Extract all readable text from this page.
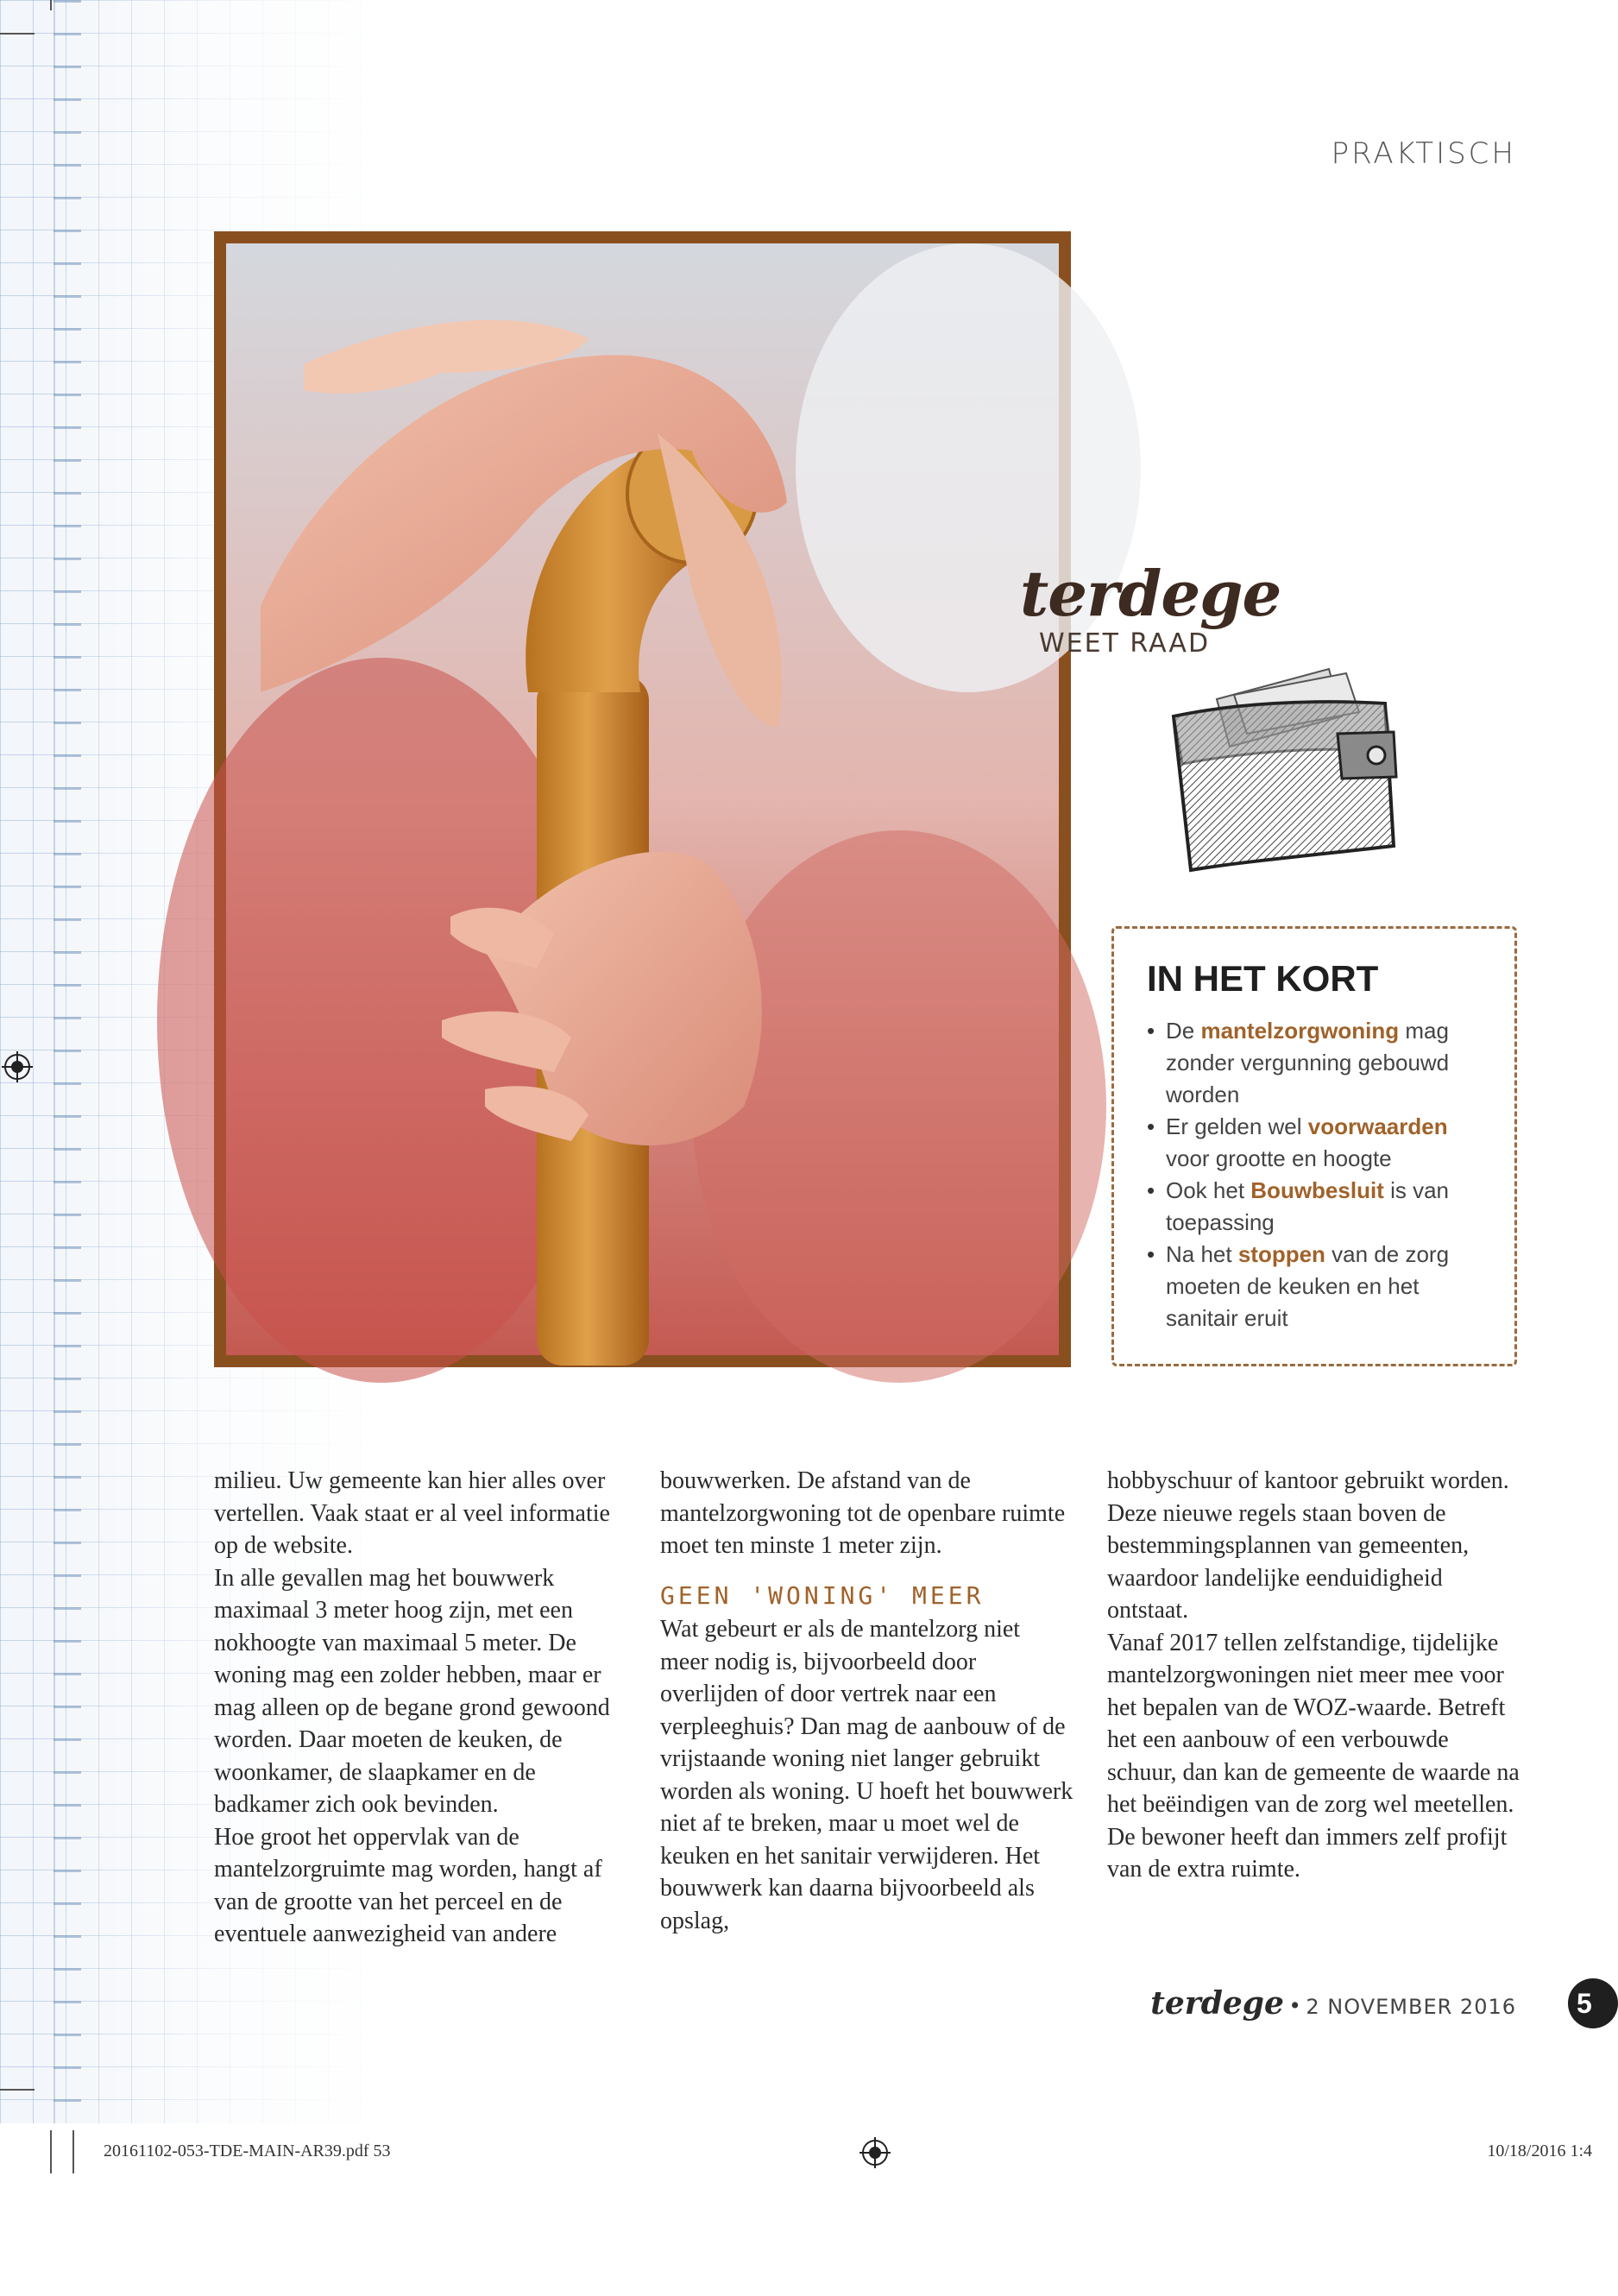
PRAKTISCH
terdege
WEET RAAD
IN HET KORT
• De mantelzorgwoning mag zonder vergunning gebouwd worden
• Er gelden wel voorwaarden voor grootte en hoogte
• Ook het Bouwbesluit is van toepassing
• Na het stoppen van de zorg moeten de keuken en het sanitair eruit

milieu. Uw gemeente kan hier alles over vertellen. Vaak staat er al veel informatie op de website.

In alle gevallen mag het bouwwerk maximaal 3 meter hoog zijn, met een nokhoogte van maximaal 5 meter. De woning mag een zolder hebben, maar er mag alleen op de begane grond gewoond worden. Daar moeten de keuken, de woonkamer, de slaapkamer en de badkamer zich ook bevinden.

Hoe groot het oppervlak van de mantelzorgruimte mag worden, hangt af van de grootte van het perceel en de eventuele aanwezigheid van andere

bouwwerken. De afstand van de mantelzorgwoning tot de openbare ruimte moet ten minste 1 meter zijn.

GEEN 'WONING' MEER

Wat gebeurt er als de mantelzorg niet meer nodig is, bijvoorbeeld door overlijden of door vertrek naar een verpleeghuis? Dan mag de aanbouw of de vrijstaande woning niet langer gebruikt worden als woning. U hoeft het bouwwerk niet af te breken, maar u moet wel de keuken en het sanitair verwijderen. Het bouwwerk kan daarna bijvoorbeeld als opslag,

hobbyschuur of kantoor gebruikt worden. Deze nieuwe regels staan boven de bestemmingsplannen van gemeenten, waardoor landelijke eenduidigheid ontstaat.

Vanaf 2017 tellen zelfstandige, tijdelijke mantelzorgwoningen niet meer mee voor het bepalen van de WOZ-waarde. Betreft het een aanbouw of een verbouwde schuur, dan kan de gemeente de waarde na het beëindigen van de zorg wel meetellen. De bewoner heeft dan immers zelf profijt van de extra ruimte.

terdege • 2 NOVEMBER 2016	5
20161102-053-TDE-MAIN-AR39.pdf 53	10/18/2016 1:4
